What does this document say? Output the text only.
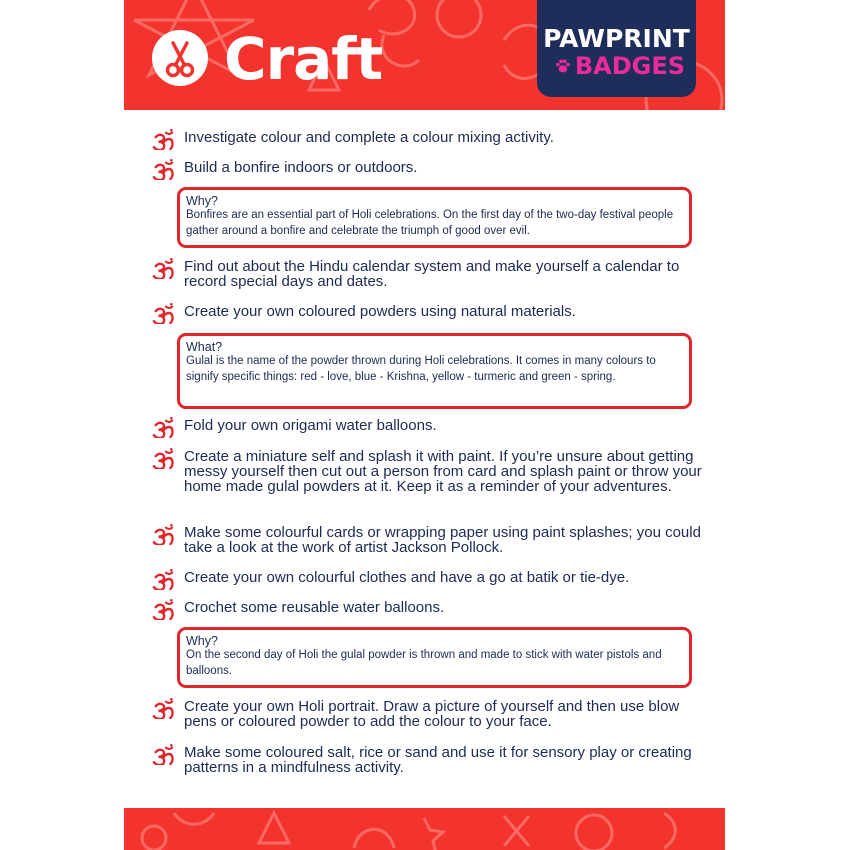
Craft	PAWPRINT
BADGES
Investigate colour and complete a colour mixing activity.
Build a bonfire indoors or outdoors.
Why?
Bonfires are an essential part of Holi celebrations. On the first day of the two-day festival people gather around a bonfire and celebrate the triumph of good over evil.
Find out about the Hindu calendar system and make yourself a calendar to record special days and dates.
Create your own coloured powders using natural materials.
What?
Gulal is the name of the powder thrown during Holi celebrations. It comes in many colours to signify specific things: red - love, blue - Krishna, yellow - turmeric and green - spring.
Fold your own origami water balloons.
Create a miniature self and splash it with paint. If you’re unsure about getting messy yourself then cut out a person from card and splash paint or throw your home made gulal powders at it. Keep it as a reminder of your adventures.
Make some colourful cards or wrapping paper using paint splashes; you could take a look at the work of artist Jackson Pollock.
Create your own colourful clothes and have a go at batik or tie-dye.
Crochet some reusable water balloons.
Why?
On the second day of Holi the gulal powder is thrown and made to stick with water pistols and balloons.
Create your own Holi portrait. Draw a picture of yourself and then use blow pens or coloured powder to add the colour to your face.
Make some coloured salt, rice or sand and use it for sensory play or creating patterns in a mindfulness activity.
